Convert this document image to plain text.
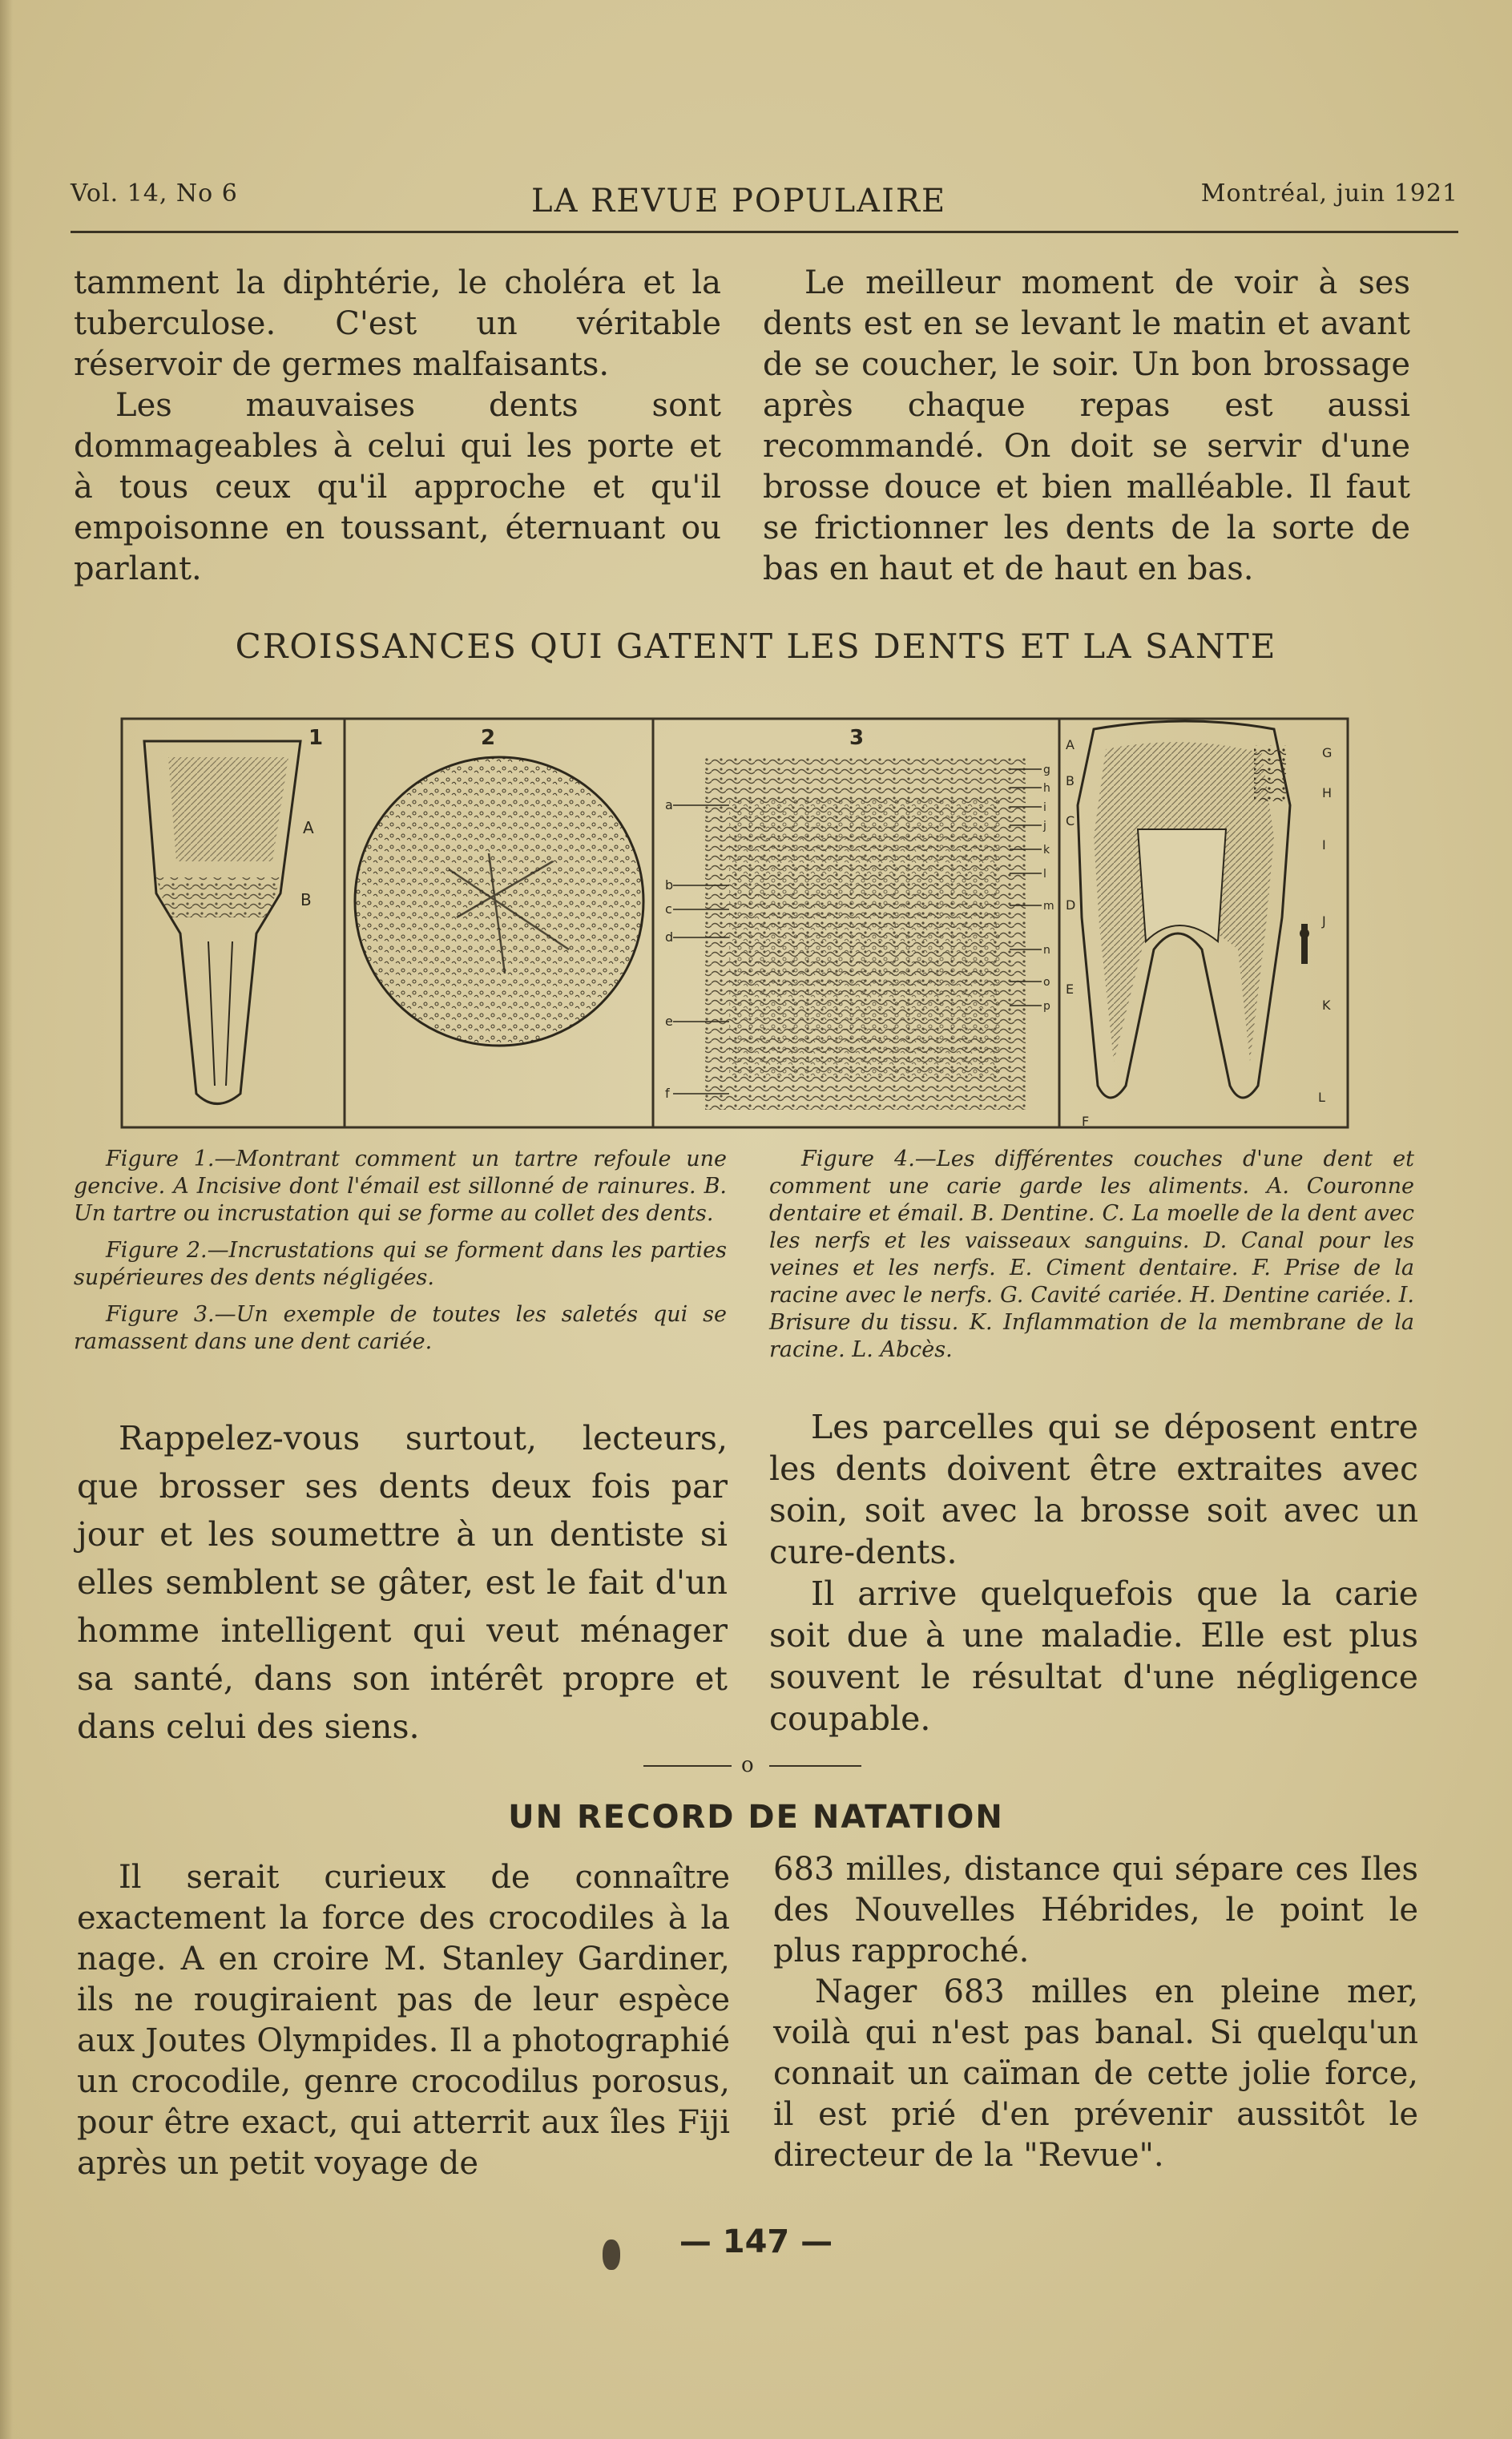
Vol. 14, No 6	LA REVUE POPULAIRE	Montréal, juin 1921

tamment la diphtérie, le choléra et la tuberculose. C'est un véritable réservoir de germes malfaisants.

Les mauvaises dents sont dommageables à celui qui les porte et à tous ceux qu'il approche et qu'il empoisonne en toussant, éternuant ou parlant.

Le meilleur moment de voir à ses dents est en se levant le matin et avant de se coucher, le soir. Un bon brossage après chaque repas est aussi recommandé. On doit se servir d'une brosse douce et bien malléable. Il faut se frictionner les dents de la sorte de bas en haut et de haut en bas.

CROISSANCES QUI GATENT LES DENTS ET LA SANTE
1	2	3
A
B
a
b
c
d
e
f
g
h
i
j
k
l
m
n
o
p
A
B
C
D
E
F
G
H
I
J
K
L

Figure 1.—Montrant comment un tartre refoule une gencive. A Incisive dont l'émail est sillonné de rainures. B. Un tartre ou incrustation qui se forme au collet des dents.

Figure 2.—Incrustations qui se forment dans les parties supérieures des dents négligées.

Figure 3.—Un exemple de toutes les saletés qui se ramassent dans une dent cariée.

Figure 4.—Les différentes couches d'une dent et comment une carie garde les aliments. A. Couronne dentaire et émail. B. Dentine. C. La moelle de la dent avec les nerfs et les vaisseaux sanguins. D. Canal pour les veines et les nerfs. E. Ciment dentaire. F. Prise de la racine avec le nerfs. G. Cavité cariée. H. Dentine cariée. I. Brisure du tissu. K. Inflammation de la membrane de la racine. L. Abcès.

Rappelez-vous surtout, lecteurs, que brosser ses dents deux fois par jour et les soumettre à un dentiste si elles semblent se gâter, est le fait d'un homme intelligent qui veut ménager sa santé, dans son intérêt propre et dans celui des siens.

Les parcelles qui se déposent entre les dents doivent être extraites avec soin, soit avec la brosse soit avec un cure-dents.

Il arrive quelquefois que la carie soit due à une maladie. Elle est plus souvent le résultat d'une négligence coupable.

o
UN RECORD DE NATATION

Il serait curieux de connaître exactement la force des crocodiles à la nage. A en croire M. Stanley Gardiner, ils ne rougiraient pas de leur espèce aux Joutes Olympides. Il a photographié un crocodile, genre crocodilus porosus, pour être exact, qui atterrit aux îles Fiji après un petit voyage de

683 milles, distance qui sépare ces Iles des Nouvelles Hébrides, le point le plus rapproché.

Nager 683 milles en pleine mer, voilà qui n'est pas banal. Si quelqu'un connait un caïman de cette jolie force, il est prié d'en prévenir aussitôt le directeur de la "Revue".

— 147 —
